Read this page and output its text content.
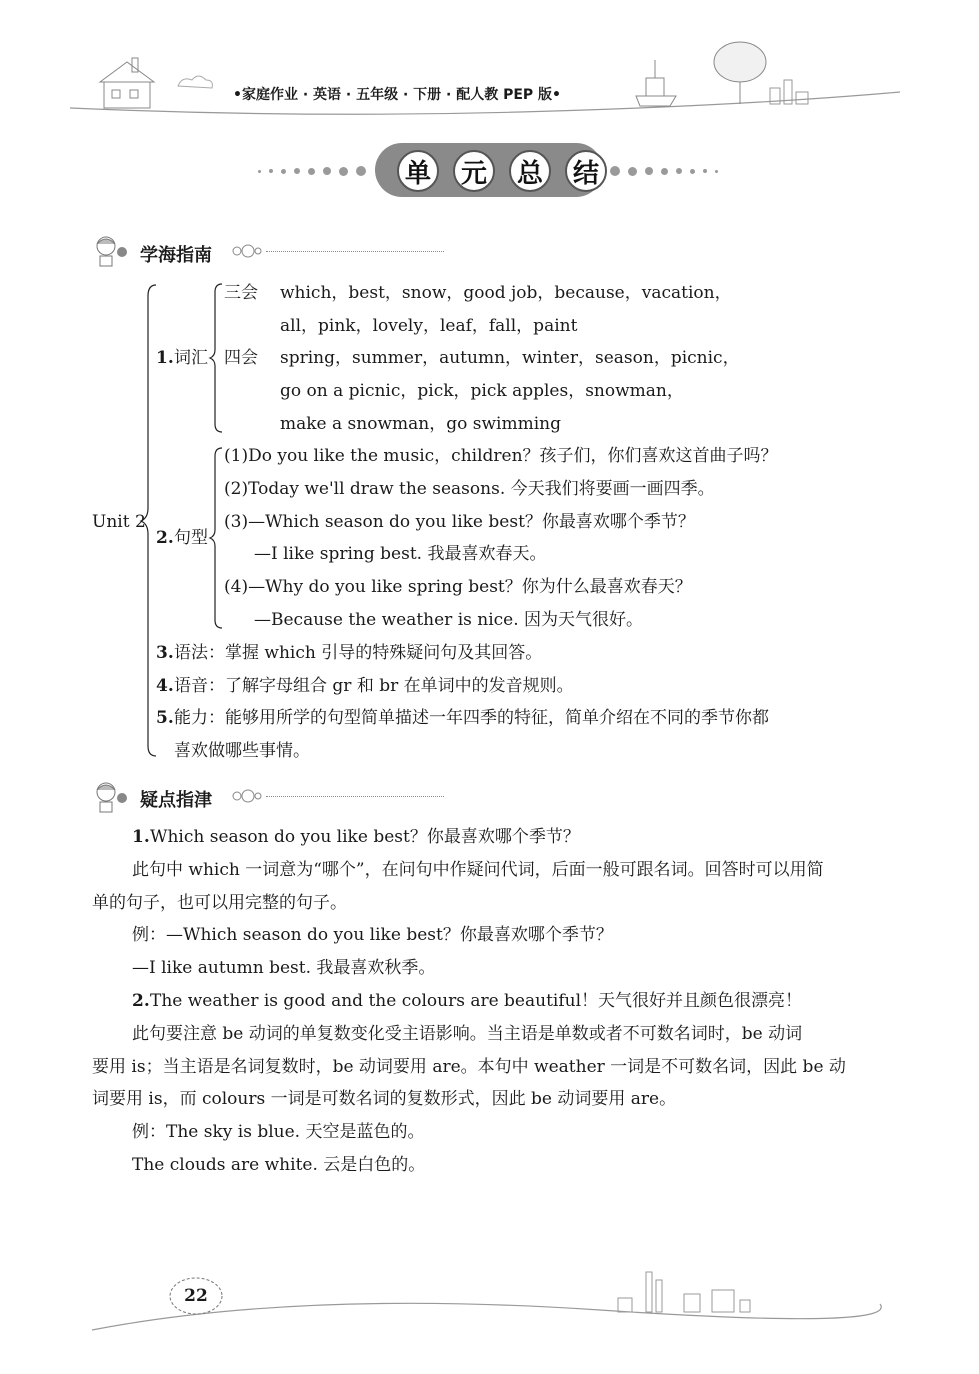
•家庭作业 · 英语 · 五年级 · 下册 · 配人教 PEP 版•
单	元	总	结
学海指南
Unit 2
1. 词汇
三会 which，best，snow，good job，because，vacation，
all，pink，lovely，leaf，fall，paint
四会 spring，summer，autumn，winter，season，picnic，
go on a picnic，pick，pick apples，snowman，
make a snowman，go swimming
2. 句型
(1)Do you like the music，children？孩子们，你们喜欢这首曲子吗？
(2)Today we'll draw the seasons. 今天我们将要画一画四季。
(3)—Which season do you like best？你最喜欢哪个季节？
—I like spring best. 我最喜欢春天。
(4)—Why do you like spring best？你为什么最喜欢春天？
—Because the weather is nice. 因为天气很好。
3. 语法：掌握 which 引导的特殊疑问句及其回答。
4. 语音：了解字母组合 gr 和 br 在单词中的发音规则。
5. 能力：能够用所学的句型简单描述一年四季的特征，简单介绍在不同的季节你都
喜欢做哪些事情。
疑点指津
1. Which season do you like best？你最喜欢哪个季节？
此句中 which 一词意为“哪个”，在问句中作疑问代词，后面一般可跟名词。回答时可以用简
单的句子，也可以用完整的句子。
例：—Which season do you like best？你最喜欢哪个季节？
—I like autumn best. 我最喜欢秋季。
2. The weather is good and the colours are beautiful！天气很好并且颜色很漂亮！
此句要注意 be 动词的单复数变化受主语影响。当主语是单数或者不可数名词时，be 动词
要用 is；当主语是名词复数时，be 动词要用 are。本句中 weather 一词是不可数名词，因此 be 动
词要用 is，而 colours 一词是可数名词的复数形式，因此 be 动词要用 are。
例：The sky is blue. 天空是蓝色的。
The clouds are white. 云是白色的。
22
